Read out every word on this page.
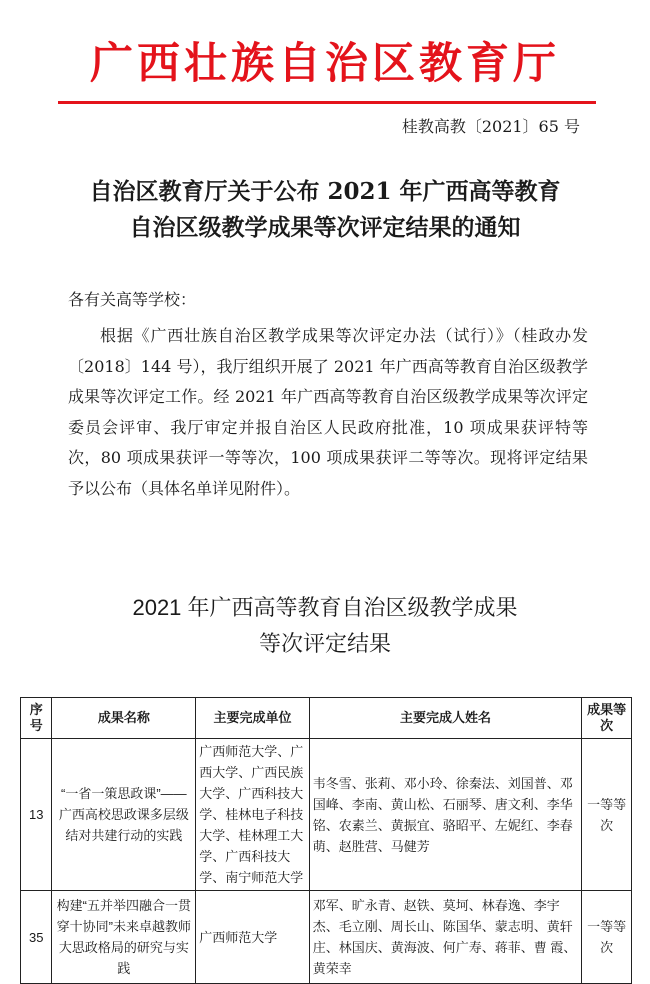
广西壮族自治区教育厅
桂教高教〔2021〕65 号
自治区教育厅关于公布 2021 年广西高等教育
自治区级教学成果等次评定结果的通知
各有关高等学校：

根据《广西壮族自治区教学成果等次评定办法（试行）》（桂政办发〔2018〕144 号），我厅组织开展了 2021 年广西高等教育自治区级教学成果等次评定工作。经 2021 年广西高等教育自治区级教学成果等次评定委员会评审、我厅审定并报自治区人民政府批准，10 项成果获评特等次，80 项成果获评一等等次，100 项成果获评二等等次。现将评定结果予以公布（具体名单详见附件）。

2021 年广西高等教育自治区级教学成果
等次评定结果
序号	成果名称	主要完成单位	主要完成人姓名	成果等次
13	“一省一策思政课”——广西高校思政课多层级结对共建行动的实践	广西师范大学、广西大学、广西民族大学、广西科技大学、桂林电子科技大学、桂林理工大学、广西科技大学、南宁师范大学	韦冬雪、张莉、邓小玲、徐秦法、刘国普、邓国峰、李南、黄山松、石丽琴、唐文利、李华铭、农素兰、黄振宜、骆昭平、左妮红、李春萌、赵胜营、马健芳	一等等次
35	构建“五并举四融合一贯穿十协同”未来卓越教师大思政格局的研究与实践	广西师范大学	邓军、旷永青、赵铁、莫坷、林春逸、李宇杰、毛立刚、周长山、陈国华、蒙志明、黄轩庄、林国庆、黄海波、何广寿、蒋菲、曹 霞、黄荣幸	一等等次
